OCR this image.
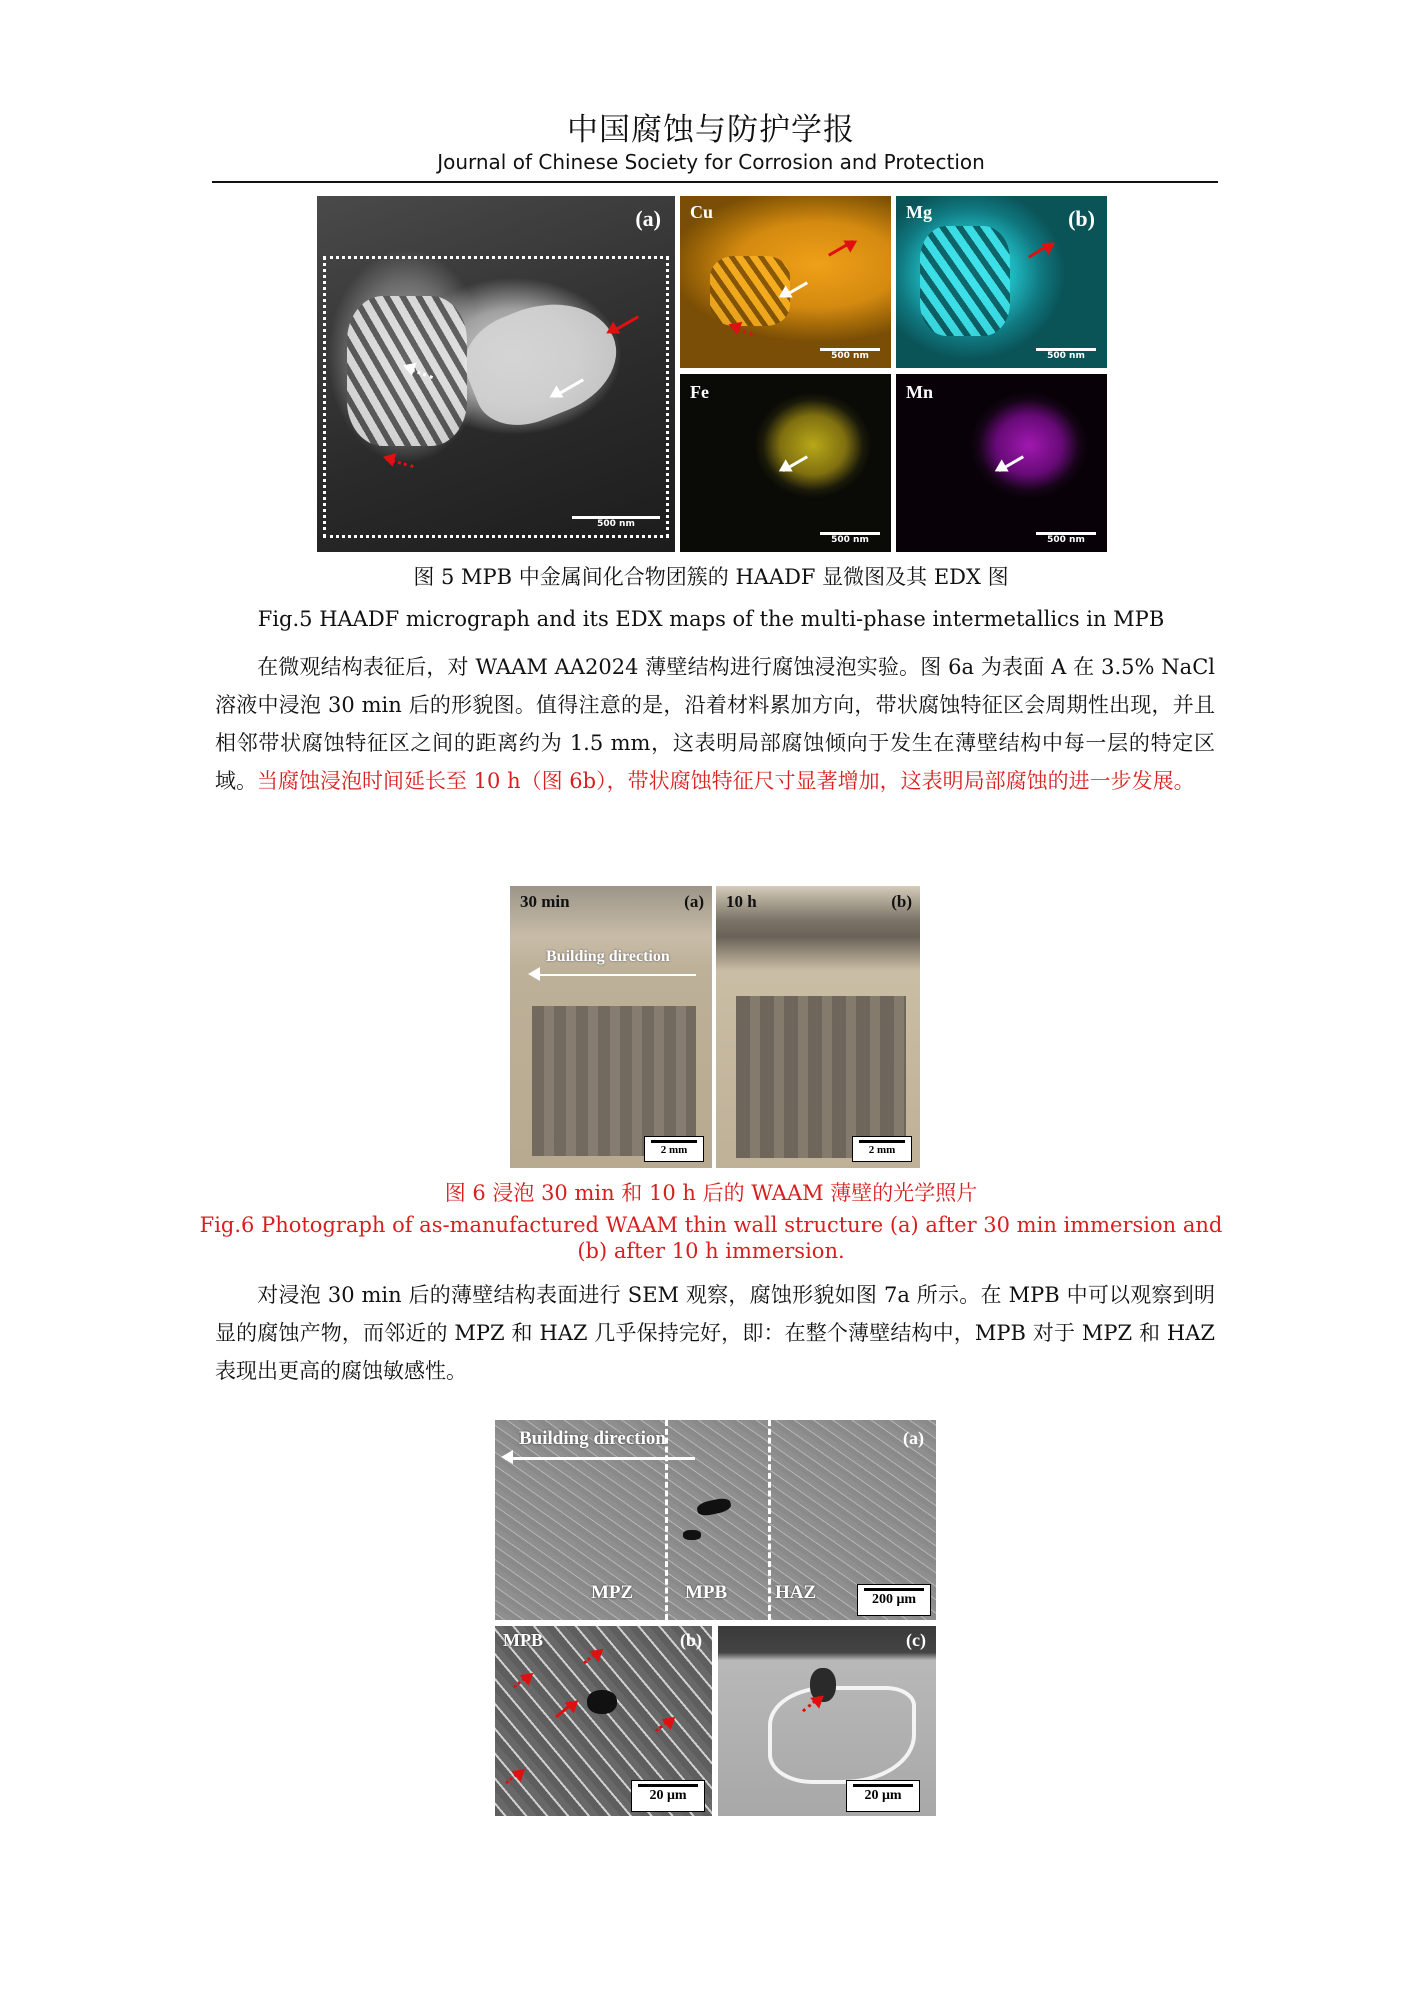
中国腐蚀与防护学报
Journal of Chinese Society for Corrosion and Protection
(a)
500 nm
Cu
500 nm
Mg	(b)
500 nm
Fe
500 nm
Mn
500 nm
图 5 MPB 中金属间化合物团簇的 HAADF 显微图及其 EDX 图
Fig.5 HAADF micrograph and its EDX maps of the multi-phase intermetallics in MPB
在微观结构表征后，对 WAAM AA2024 薄壁结构进行腐蚀浸泡实验。图 6a 为表面 A 在 3.5% NaCl 溶液中浸泡 30 min 后的形貌图。值得注意的是，沿着材料累加方向，带状腐蚀特征区会周期性出现，并且相邻带状腐蚀特征区之间的距离约为 1.5 mm，这表明局部腐蚀倾向于发生在薄壁结构中每一层的特定区域。当腐蚀浸泡时间延长至 10 h（图 6b），带状腐蚀特征尺寸显著增加，这表明局部腐蚀的进一步发展。
30 min	(a)
Building direction
2 mm
10 h	(b)
2 mm
图 6 浸泡 30 min 和 10 h 后的 WAAM 薄壁的光学照片
Fig.6 Photograph of as-manufactured WAAM thin wall structure (a) after 30 min immersion and
(b) after 10 h immersion.
对浸泡 30 min 后的薄壁结构表面进行 SEM 观察，腐蚀形貌如图 7a 所示。在 MPB 中可以观察到明显的腐蚀产物，而邻近的 MPZ 和 HAZ 几乎保持完好，即：在整个薄壁结构中，MPB 对于 MPZ 和 HAZ 表现出更高的腐蚀敏感性。
Building direction	(a)
MPZ	MPB	HAZ	200 μm
MPB	(b)
20 μm
(c)
20 μm
